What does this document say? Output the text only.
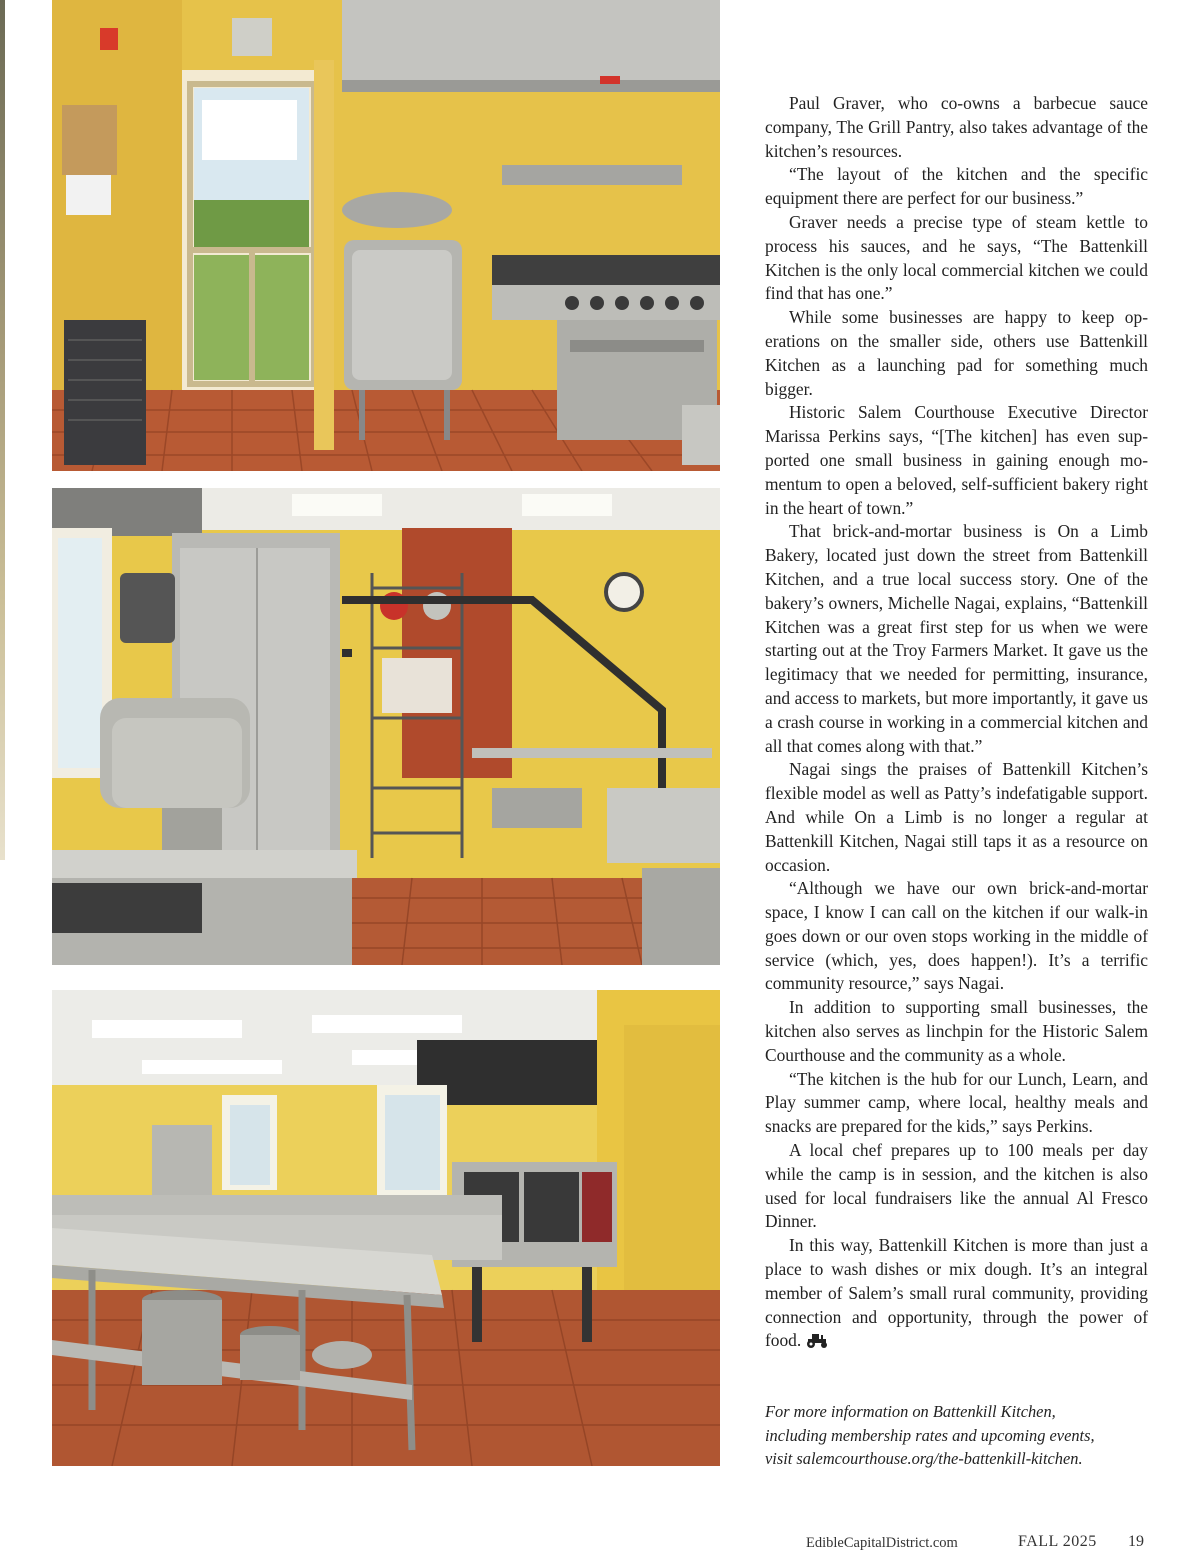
Paul Graver, who co-owns a barbecue sauce company, The Grill Pantry, also takes advantage of the kitchen’s resources.

“The layout of the kitchen and the specific equipment there are perfect for our business.”

Graver needs a precise type of steam kettle to process his sauces, and he says, “The Battenkill Kitchen is the only local commercial kitchen we could find that has one.”

While some businesses are happy to keep operations on the smaller side, others use Battenkill Kitchen as a launching pad for something much bigger.

Historic Salem Courthouse Executive Director Marissa Perkins says, “[The kitchen] has even supported one small business in gaining enough momentum to open a beloved, self-sufficient bakery right in the heart of town.”

That brick-and-mortar business is On a Limb Bakery, located just down the street from Battenkill Kitchen, and a true local success story. One of the bakery’s owners, Michelle Nagai, explains, “Battenkill Kitchen was a great first step for us when we were starting out at the Troy Farmers Market. It gave us the legitimacy that we needed for permitting, insurance, and access to markets, but more importantly, it gave us a crash course in working in a commercial kitchen and all that comes along with that.”

Nagai sings the praises of Battenkill Kitchen’s flexible model as well as Patty’s indefatigable support. And while On a Limb is no longer a regular at Battenkill Kitchen, Nagai still taps it as a resource on occasion.

“Although we have our own brick-and-mortar space, I know I can call on the kitchen if our walk-in goes down or our oven stops working in the middle of service (which, yes, does happen!). It’s a terrific community resource,” says Nagai.

In addition to supporting small businesses, the kitchen also serves as linchpin for the Historic Salem Courthouse and the community as a whole.

“The kitchen is the hub for our Lunch, Learn, and Play summer camp, where local, healthy meals and snacks are prepared for the kids,” says Perkins.

A local chef prepares up to 100 meals per day while the camp is in session, and the kitchen is also used for local fundraisers like the annual Al Fresco Dinner.

In this way, Battenkill Kitchen is more than just a place to wash dishes or mix dough. It’s an integral member of Salem’s small rural community, providing connection and opportunity, through the power of food.

For more information on Battenkill Kitchen,
including membership rates and upcoming events,
visit salemcourthouse.org/the-battenkill-kitchen.
EdibleCapitalDistrict.com	FALL 2025 19
